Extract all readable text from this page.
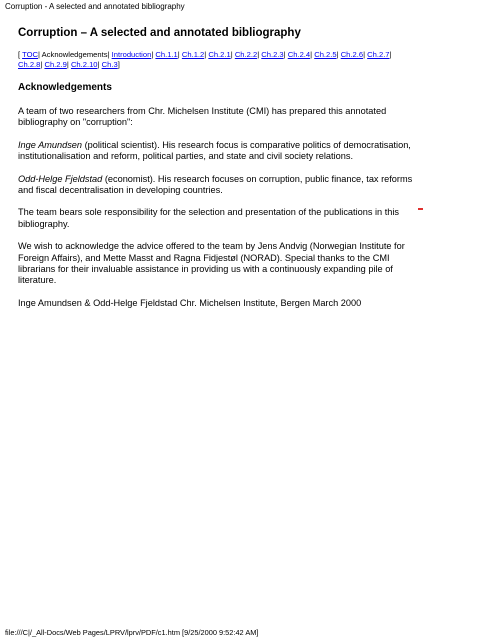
Corruption - A selected and annotated bibliography
Corruption – A selected and annotated bibliography
[ TOC| Acknowledgements| Introduction| Ch.1.1| Ch.1.2| Ch.2.1| Ch.2.2| Ch.2.3| Ch.2.4| Ch.2.5| Ch.2.6| Ch.2.7| Ch.2.8| Ch.2.9| Ch.2.10| Ch.3]
Acknowledgements

A team of two researchers from Chr. Michelsen Institute (CMI) has prepared this annotated bibliography on "corruption":

Inge Amundsen (political scientist). His research focus is comparative politics of democratisation, institutionalisation and reform, political parties, and state and civil society relations.

Odd-Helge Fjeldstad (economist). His research focuses on corruption, public finance, tax reforms and fiscal decentralisation in developing countries.

The team bears sole responsibility for the selection and presentation of the publications in this bibliography.

We wish to acknowledge the advice offered to the team by Jens Andvig (Norwegian Institute for Foreign Affairs), and Mette Masst and Ragna Fidjestøl (NORAD). Special thanks to the CMI librarians for their invaluable assistance in providing us with a continuously expanding pile of literature.

Inge Amundsen & Odd-Helge Fjeldstad Chr. Michelsen Institute, Bergen March 2000

file:///C|/_All-Docs/Web Pages/LPRV/lprv/PDF/c1.htm [9/25/2000 9:52:42 AM]
